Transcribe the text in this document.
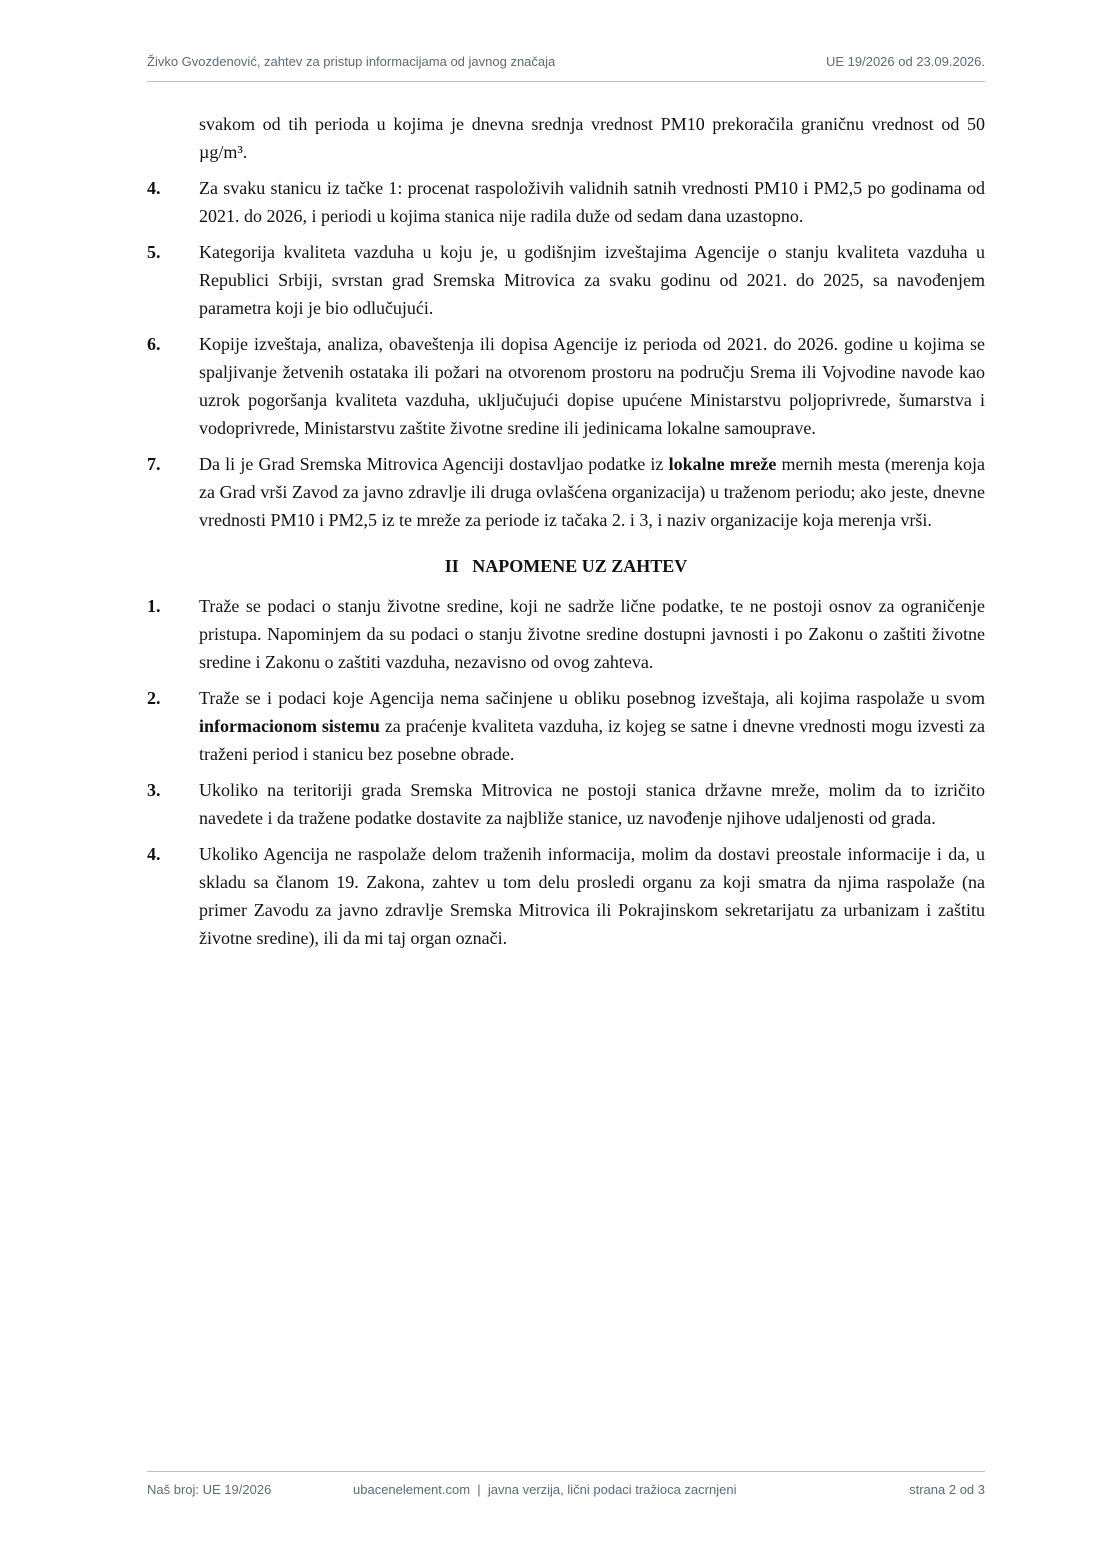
Živko Gvozdenović, zahtev za pristup informacijama od javnog značaja	UE 19/2026 od 23.09.2026.
svakom od tih perioda u kojima je dnevna srednja vrednost PM10 prekoračila graničnu vrednost od 50 µg/m³.
4.	Za svaku stanicu iz tačke 1: procenat raspoloživih validnih satnih vrednosti PM10 i PM2,5 po godinama od 2021. do 2026, i periodi u kojima stanica nije radila duže od sedam dana uzastopno.
5.	Kategorija kvaliteta vazduha u koju je, u godišnjim izveštajima Agencije o stanju kvaliteta vazduha u Republici Srbiji, svrstan grad Sremska Mitrovica za svaku godinu od 2021. do 2025, sa navođenjem parametra koji je bio odlučujući.
6.	Kopije izveštaja, analiza, obaveštenja ili dopisa Agencije iz perioda od 2021. do 2026. godine u kojima se spaljivanje žetvenih ostataka ili požari na otvorenom prostoru na području Srema ili Vojvodine navode kao uzrok pogoršanja kvaliteta vazduha, uključujući dopise upućene Ministarstvu poljoprivrede, šumarstva i vodoprivrede, Ministarstvu zaštite životne sredine ili jedinicama lokalne samouprave.
7.	Da li je Grad Sremska Mitrovica Agenciji dostavljao podatke iz lokalne mreže mernih mesta (merenja koja za Grad vrši Zavod za javno zdravlje ili druga ovlašćena organizacija) u traženom periodu; ako jeste, dnevne vrednosti PM10 i PM2,5 iz te mreže za periode iz tačaka 2. i 3, i naziv organizacije koja merenja vrši.
II   NAPOMENE UZ ZAHTEV
1.	Traže se podaci o stanju životne sredine, koji ne sadrže lične podatke, te ne postoji osnov za ograničenje pristupa. Napominjem da su podaci o stanju životne sredine dostupni javnosti i po Zakonu o zaštiti životne sredine i Zakonu o zaštiti vazduha, nezavisno od ovog zahteva.
2.	Traže se i podaci koje Agencija nema sačinjene u obliku posebnog izveštaja, ali kojima raspolaže u svom informacionom sistemu za praćenje kvaliteta vazduha, iz kojeg se satne i dnevne vrednosti mogu izvesti za traženi period i stanicu bez posebne obrade.
3.	Ukoliko na teritoriji grada Sremska Mitrovica ne postoji stanica državne mreže, molim da to izričito navedete i da tražene podatke dostavite za najbliže stanice, uz navođenje njihove udaljenosti od grada.
4.	Ukoliko Agencija ne raspolaže delom traženih informacija, molim da dostavi preostale informacije i da, u skladu sa članom 19. Zakona, zahtev u tom delu prosledi organu za koji smatra da njima raspolaže (na primer Zavodu za javno zdravlje Sremska Mitrovica ili Pokrajinskom sekretarijatu za urbanizam i zaštitu životne sredine), ili da mi taj organ označi.
Naš broj: UE 19/2026	ubacenelement.com  |  javna verzija, lični podaci tražioca zacrnjeni	strana 2 od 3
